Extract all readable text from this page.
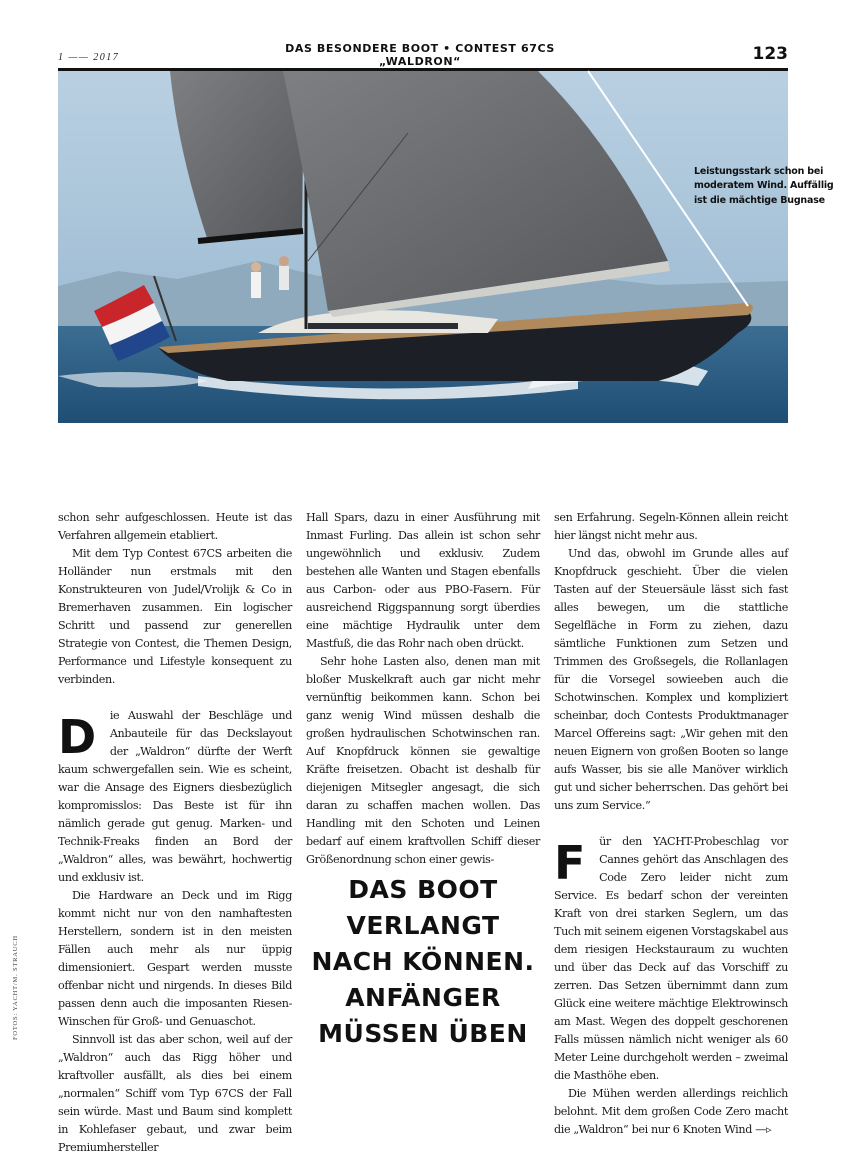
1 —— 2017
DAS BESONDERE BOOT • CONTEST 67CS „WALDRON“	123
Leistungsstark schon bei moderatem Wind. Auffällig ist die mächtige Bugnase
FOTOS: YACHT/M. STRAUCH

schon sehr aufgeschlossen. Heute ist das Verfahren allgemein etabliert.

Mit dem Typ Contest 67CS arbeiten die Holländer nun erstmals mit den Konstrukteuren von Judel/Vrolijk & Co in Bremerhaven zusammen. Ein logischer Schritt und passend zur generellen Strategie von Contest, die Themen Design, Performance und Lifestyle konsequent zu verbinden.

D ie Auswahl der Beschläge und Anbauteile für das Deckslayout der „Waldron“ dürfte der Werft kaum schwergefallen sein. Wie es scheint, war die Ansage des Eigners diesbezüglich kompromisslos: Das Beste ist für ihn nämlich gerade gut genug. Marken- und Technik-Freaks finden an Bord der „Waldron“ alles, was bewährt, hochwertig und exklusiv ist.

Die Hardware an Deck und im Rigg kommt nicht nur von den namhaftesten Herstellern, sondern ist in den meisten Fällen auch mehr als nur üppig dimensioniert. Gespart werden musste offenbar nicht und nirgends. In dieses Bild passen denn auch die imposanten Riesen-Winschen für Groß- und Genuaschot.

Sinnvoll ist das aber schon, weil auf der „Waldron“ auch das Rigg höher und kraftvoller ausfällt, als dies bei einem „normalen“ Schiff vom Typ 67CS der Fall sein würde. Mast und Baum sind komplett in Kohlefaser gebaut, und zwar beim Premiumhersteller

Hall Spars, dazu in einer Ausführung mit Inmast Furling. Das allein ist schon sehr ungewöhnlich und exklusiv. Zudem bestehen alle Wanten und Stagen ebenfalls aus Carbon- oder aus PBO-Fasern. Für ausreichend Riggspannung sorgt überdies eine mächtige Hydraulik unter dem Mastfuß, die das Rohr nach oben drückt.

Sehr hohe Lasten also, denen man mit bloßer Muskelkraft auch gar nicht mehr vernünftig beikommen kann. Schon bei ganz wenig Wind müssen deshalb die großen hydraulischen Schotwinschen ran. Auf Knopfdruck können sie gewaltige Kräfte freisetzen. Obacht ist deshalb für diejenigen Mitsegler angesagt, die sich daran zu schaffen machen wollen. Das Handling mit den Schoten und Leinen bedarf auf einem kraftvollen Schiff dieser Größenordnung schon einer gewis-

DAS BOOT
VERLANGT
NACH KÖNNEN.
ANFÄNGER
MÜSSEN ÜBEN

sen Erfahrung. Segeln-Können allein reicht hier längst nicht mehr aus.

Und das, obwohl im Grunde alles auf Knopfdruck geschieht. Über die vielen Tasten auf der Steuersäule lässt sich fast alles bewegen, um die stattliche Segelfläche in Form zu ziehen, dazu sämtliche Funktionen zum Setzen und Trimmen des Großsegels, die Rollanlagen für die Vorsegel sowieeben auch die Schotwinschen. Komplex und kompliziert scheinbar, doch Contests Produktmanager Marcel Offereins sagt: „Wir gehen mit den neuen Eignern von großen Booten so lange aufs Wasser, bis sie alle Manöver wirklich gut und sicher beherrschen. Das gehört bei uns zum Service.“

F ür den YACHT-Probeschlag vor Cannes gehört das Anschlagen des Code Zero leider nicht zum Service. Es bedarf schon der vereinten Kraft von drei starken Seglern, um das Tuch mit seinem eigenen Vorstagskabel aus dem riesigen Heckstauraum zu wuchten und über das Deck auf das Vorschiff zu zerren. Das Setzen übernimmt dann zum Glück eine weitere mächtige Elektrowinsch am Mast. Wegen des doppelt geschorenen Falls müssen nämlich nicht weniger als 60 Meter Leine durchgeholt werden – zweimal die Masthöhe eben.

Die Mühen werden allerdings reichlich belohnt. Mit dem großen Code Zero macht die „Waldron“ bei nur 6 Knoten Wind —▹
